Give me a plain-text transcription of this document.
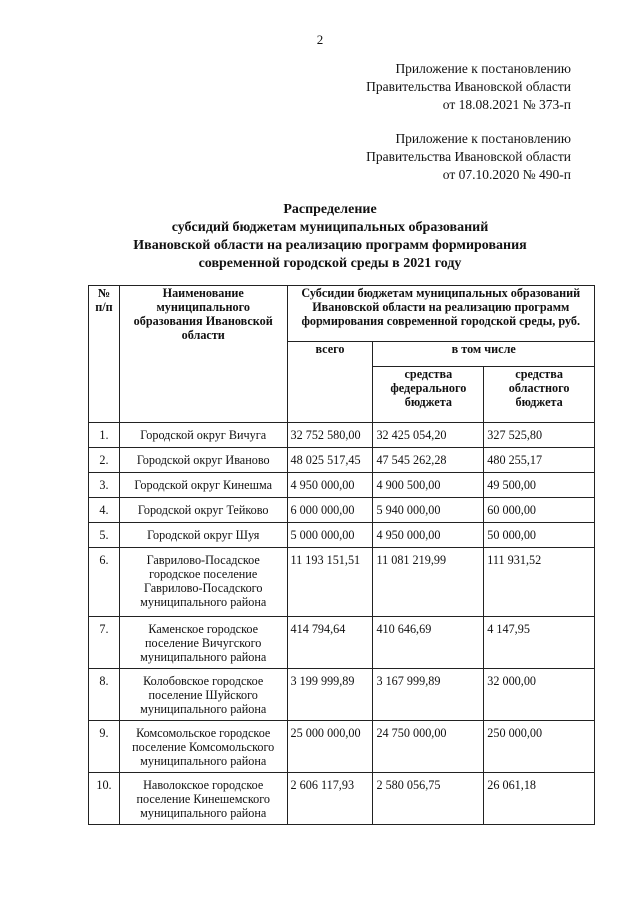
2
Приложение к постановлению
Правительства Ивановской области
от 18.08.2021 № 373-п
Приложение к постановлению
Правительства Ивановской области
от 07.10.2020 № 490-п
Распределение
субсидий бюджетам муниципальных образований
Ивановской области на реализацию программ формирования
современной городской среды в 2021 году
№ п/п	Наименование муниципального образования Ивановской области	Субсидии бюджетам муниципальных образований Ивановской области на реализацию программ формирования современной городской среды, руб.		
		всего	в том числе	
			средства федерального бюджета	средства областного бюджета
1.	Городской округ Вичуга	32 752 580,00	32 425 054,20	327 525,80
2.	Городской округ Иваново	48 025 517,45	47 545 262,28	480 255,17
3.	Городской округ Кинешма	4 950 000,00	4 900 500,00	49 500,00
4.	Городской округ Тейково	6 000 000,00	5 940 000,00	60 000,00
5.	Городской округ Шуя	5 000 000,00	4 950 000,00	50 000,00
6.	Гаврилово-Посадское городское поселение Гаврилово-Посадского муниципального района	11 193 151,51	11 081 219,99	111 931,52
7.	Каменское городское поселение Вичугского муниципального района	414 794,64	410 646,69	4 147,95
8.	Колобовское городское поселение Шуйского муниципального района	3 199 999,89	3 167 999,89	32 000,00
9.	Комсомольское городское поселение Комсомольского муниципального района	25 000 000,00	24 750 000,00	250 000,00
10.	Наволокское городское поселение Кинешемского муниципального района	2 606 117,93	2 580 056,75	26 061,18
